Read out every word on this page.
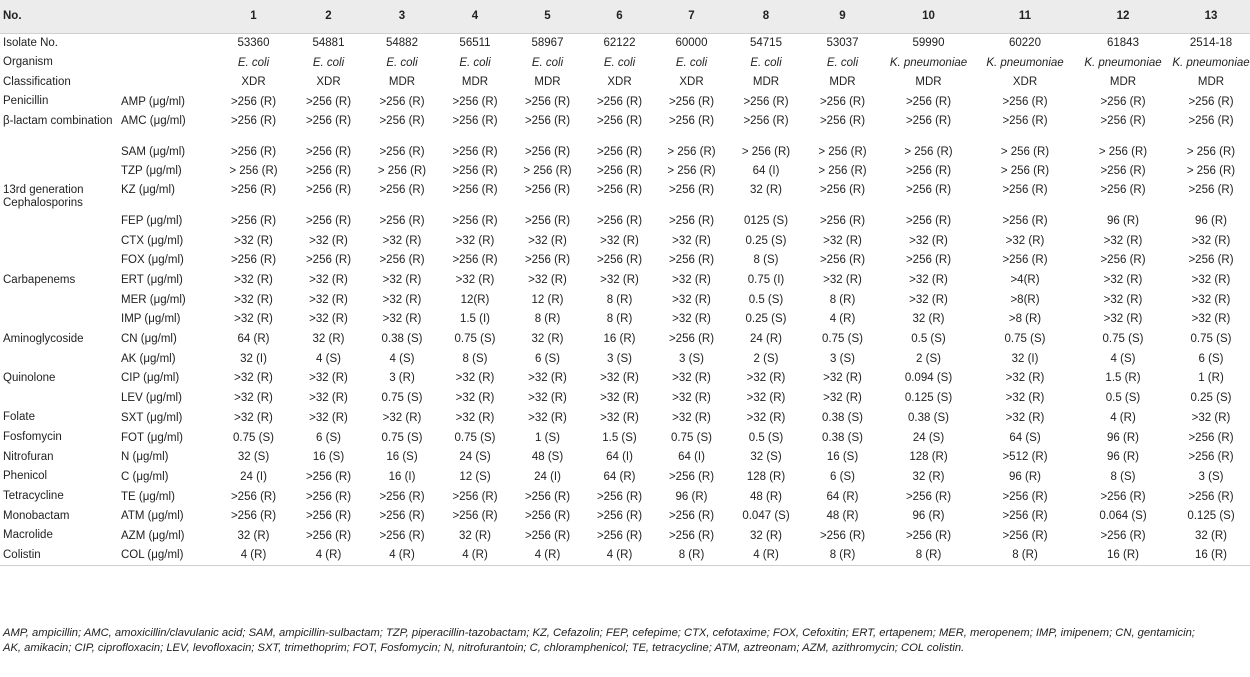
No.		1	2	3	4	5	6	7	8	9	10	11	12	13
Isolate No.		53360	54881	54882	56511	58967	62122	60000	54715	53037	59990	60220	61843	2514-18
Organism		E. coli	E. coli	E. coli	E. coli	E. coli	E. coli	E. coli	E. coli	E. coli	K. pneumoniae	K. pneumoniae	K. pneumoniae	K. pneumoniae
Classification		XDR	XDR	MDR	MDR	MDR	XDR	XDR	MDR	MDR	MDR	XDR	MDR	MDR
Penicillin	AMP (μg/ml)	>256 (R)	>256 (R)	>256 (R)	>256 (R)	>256 (R)	>256 (R)	>256 (R)	>256 (R)	>256 (R)	>256 (R)	>256 (R)	>256 (R)	>256 (R)
β-lactam combination	AMC (μg/ml)	>256 (R)	>256 (R)	>256 (R)	>256 (R)	>256 (R)	>256 (R)	>256 (R)	>256 (R)	>256 (R)	>256 (R)	>256 (R)	>256 (R)	>256 (R)
	SAM (μg/ml)	>256 (R)	>256 (R)	>256 (R)	>256 (R)	>256 (R)	>256 (R)	> 256 (R)	> 256 (R)	> 256 (R)	> 256 (R)	> 256 (R)	> 256 (R)	> 256 (R)
	TZP (μg/ml)	> 256 (R)	>256 (R)	> 256 (R)	>256 (R)	> 256 (R)	>256 (R)	> 256 (R)	64 (I)	> 256 (R)	>256 (R)	> 256 (R)	>256 (R)	> 256 (R)
13rd generation Cephalosporins	KZ (μg/ml)	>256 (R)	>256 (R)	>256 (R)	>256 (R)	>256 (R)	>256 (R)	>256 (R)	32 (R)	>256 (R)	>256 (R)	>256 (R)	>256 (R)	>256 (R)
	FEP (μg/ml)	>256 (R)	>256 (R)	>256 (R)	>256 (R)	>256 (R)	>256 (R)	>256 (R)	0125 (S)	>256 (R)	>256 (R)	>256 (R)	96 (R)	96 (R)
	CTX (μg/ml)	>32 (R)	>32 (R)	>32 (R)	>32 (R)	>32 (R)	>32 (R)	>32 (R)	0.25 (S)	>32 (R)	>32 (R)	>32 (R)	>32 (R)	>32 (R)
	FOX (μg/ml)	>256 (R)	>256 (R)	>256 (R)	>256 (R)	>256 (R)	>256 (R)	>256 (R)	8 (S)	>256 (R)	>256 (R)	>256 (R)	>256 (R)	>256 (R)
Carbapenems	ERT (μg/ml)	>32 (R)	>32 (R)	>32 (R)	>32 (R)	>32 (R)	>32 (R)	>32 (R)	0.75 (I)	>32 (R)	>32 (R)	>4(R)	>32 (R)	>32 (R)
	MER (μg/ml)	>32 (R)	>32 (R)	>32 (R)	12(R)	12 (R)	8 (R)	>32 (R)	0.5 (S)	8 (R)	>32 (R)	>8(R)	>32 (R)	>32 (R)
	IMP (μg/ml)	>32 (R)	>32 (R)	>32 (R)	1.5 (I)	8 (R)	8 (R)	>32 (R)	0.25 (S)	4 (R)	32 (R)	>8 (R)	>32 (R)	>32 (R)
Aminoglycoside	CN (μg/ml)	64 (R)	32 (R)	0.38 (S)	0.75 (S)	32 (R)	16 (R)	>256 (R)	24 (R)	0.75 (S)	0.5 (S)	0.75 (S)	0.75 (S)	0.75 (S)
	AK (μg/ml)	32 (I)	4 (S)	4 (S)	8 (S)	6 (S)	3 (S)	3 (S)	2 (S)	3 (S)	2 (S)	32 (I)	4 (S)	6 (S)
Quinolone	CIP (μg/ml)	>32 (R)	>32 (R)	3 (R)	>32 (R)	>32 (R)	>32 (R)	>32 (R)	>32 (R)	>32 (R)	0.094 (S)	>32 (R)	1.5 (R)	1 (R)
	LEV (μg/ml)	>32 (R)	>32 (R)	0.75 (S)	>32 (R)	>32 (R)	>32 (R)	>32 (R)	>32 (R)	>32 (R)	0.125 (S)	>32 (R)	0.5 (S)	0.25 (S)
Folate	SXT (μg/ml)	>32 (R)	>32 (R)	>32 (R)	>32 (R)	>32 (R)	>32 (R)	>32 (R)	>32 (R)	0.38 (S)	0.38 (S)	>32 (R)	4 (R)	>32 (R)
Fosfomycin	FOT (μg/ml)	0.75 (S)	6 (S)	0.75 (S)	0.75 (S)	1 (S)	1.5 (S)	0.75 (S)	0.5 (S)	0.38 (S)	24 (S)	64 (S)	96 (R)	>256 (R)
Nitrofuran	N (μg/ml)	32 (S)	16 (S)	16 (S)	24 (S)	48 (S)	64 (I)	64 (I)	32 (S)	16 (S)	128 (R)	>512 (R)	96 (R)	>256 (R)
Phenicol	C (μg/ml)	24 (I)	>256 (R)	16 (I)	12 (S)	24 (I)	64 (R)	>256 (R)	128 (R)	6 (S)	32 (R)	96 (R)	8 (S)	3 (S)
Tetracycline	TE (μg/ml)	>256 (R)	>256 (R)	>256 (R)	>256 (R)	>256 (R)	>256 (R)	96 (R)	48 (R)	64 (R)	>256 (R)	>256 (R)	>256 (R)	>256 (R)
Monobactam	ATM (μg/ml)	>256 (R)	>256 (R)	>256 (R)	>256 (R)	>256 (R)	>256 (R)	>256 (R)	0.047 (S)	48 (R)	96 (R)	>256 (R)	0.064 (S)	0.125 (S)
Macrolide	AZM (μg/ml)	32 (R)	>256 (R)	>256 (R)	32 (R)	>256 (R)	>256 (R)	>256 (R)	32 (R)	>256 (R)	>256 (R)	>256 (R)	>256 (R)	32 (R)
Colistin	COL (μg/ml)	4 (R)	4 (R)	4 (R)	4 (R)	4 (R)	4 (R)	8 (R)	4 (R)	8 (R)	8 (R)	8 (R)	16 (R)	16 (R)
AMP, ampicillin; AMC, amoxicillin/clavulanic acid; SAM, ampicillin-sulbactam; TZP, piperacillin-tazobactam; KZ, Cefazolin; FEP, cefepime; CTX, cefotaxime; FOX, Cefoxitin; ERT, ertapenem; MER, meropenem; IMP, imipenem; CN, gentamicin; AK, amikacin; CIP, ciprofloxacin; LEV, levofloxacin; SXT, trimethoprim; FOT, Fosfomycin; N, nitrofurantoin; C, chloramphenicol; TE, tetracycline; ATM, aztreonam; AZM, azithromycin; COL colistin.
